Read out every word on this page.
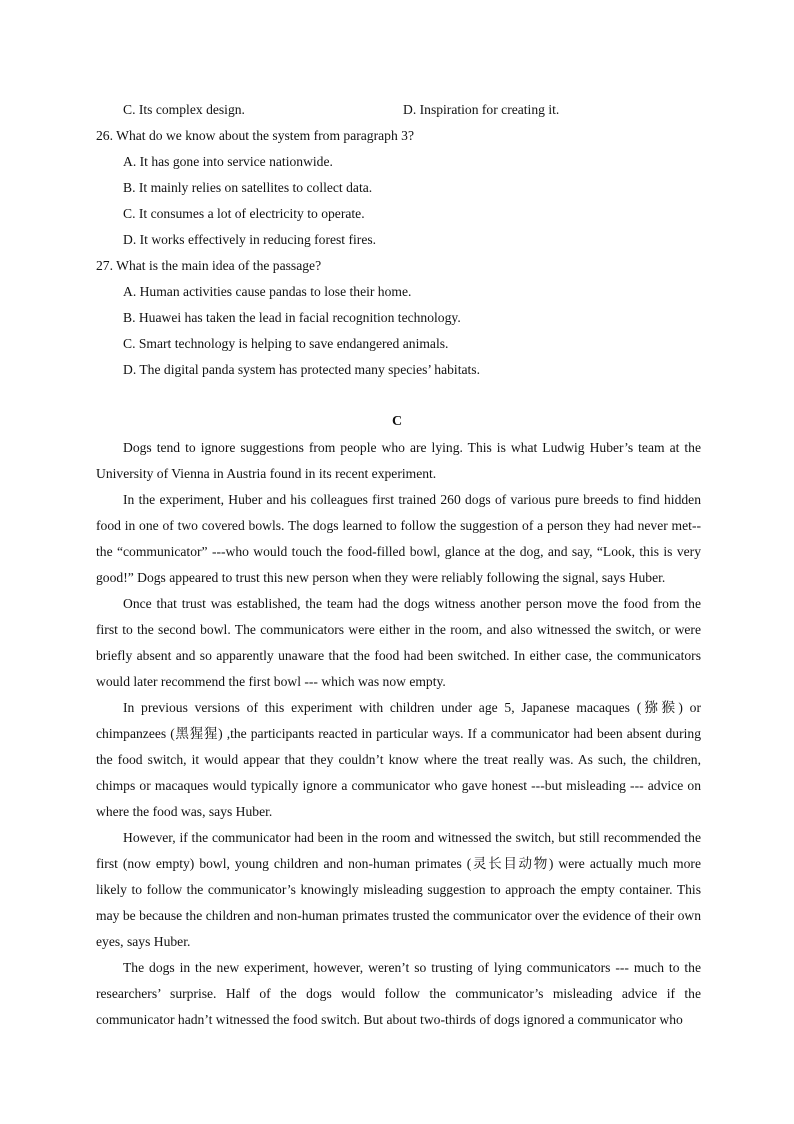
C. Its complex design.	D. Inspiration for creating it.

26. What do we know about the system from paragraph 3?

A. It has gone into service nationwide.

B. It mainly relies on satellites to collect data.

C. It consumes a lot of electricity to operate.

D. It works effectively in reducing forest fires.

27. What is the main idea of the passage?

A. Human activities cause pandas to lose their home.

B. Huawei has taken the lead in facial recognition technology.

C. Smart technology is helping to save endangered animals.

D. The digital panda system has protected many species’ habitats.

C

Dogs tend to ignore suggestions from people who are lying. This is what Ludwig Huber’s team at the University of Vienna in Austria found in its recent experiment.

In the experiment, Huber and his colleagues first trained 260 dogs of various pure breeds to find hidden food in one of two covered bowls. The dogs learned to follow the suggestion of a person they had never met-- the “communicator” ---who would touch the food-filled bowl, glance at the dog, and say, “Look, this is very good!” Dogs appeared to trust this new person when they were reliably following the signal, says Huber.

Once that trust was established, the team had the dogs witness another person move the food from the first to the second bowl. The communicators were either in the room, and also witnessed the switch, or were briefly absent and so apparently unaware that the food had been switched. In either case, the communicators would later recommend the first bowl --- which was now empty.

In previous versions of this experiment with children under age 5, Japanese macaques (猕猴) or chimpanzees (黑猩猩) ,the participants reacted in particular ways. If a communicator had been absent during the food switch, it would appear that they couldn’t know where the treat really was. As such, the children, chimps or macaques would typically ignore a communicator who gave honest ---but misleading --- advice on where the food was, says Huber.

However, if the communicator had been in the room and witnessed the switch, but still recommended the first (now empty) bowl, young children and non-human primates (灵长目动物) were actually much more likely to follow the communicator’s knowingly misleading suggestion to approach the empty container. This may be because the children and non-human primates trusted the communicator over the evidence of their own eyes, says Huber.

The dogs in the new experiment, however, weren’t so trusting of lying communicators --- much to the researchers’ surprise. Half of the dogs would follow the communicator’s misleading advice if the communicator hadn’t witnessed the food switch. But about two-thirds of dogs ignored a communicator who
